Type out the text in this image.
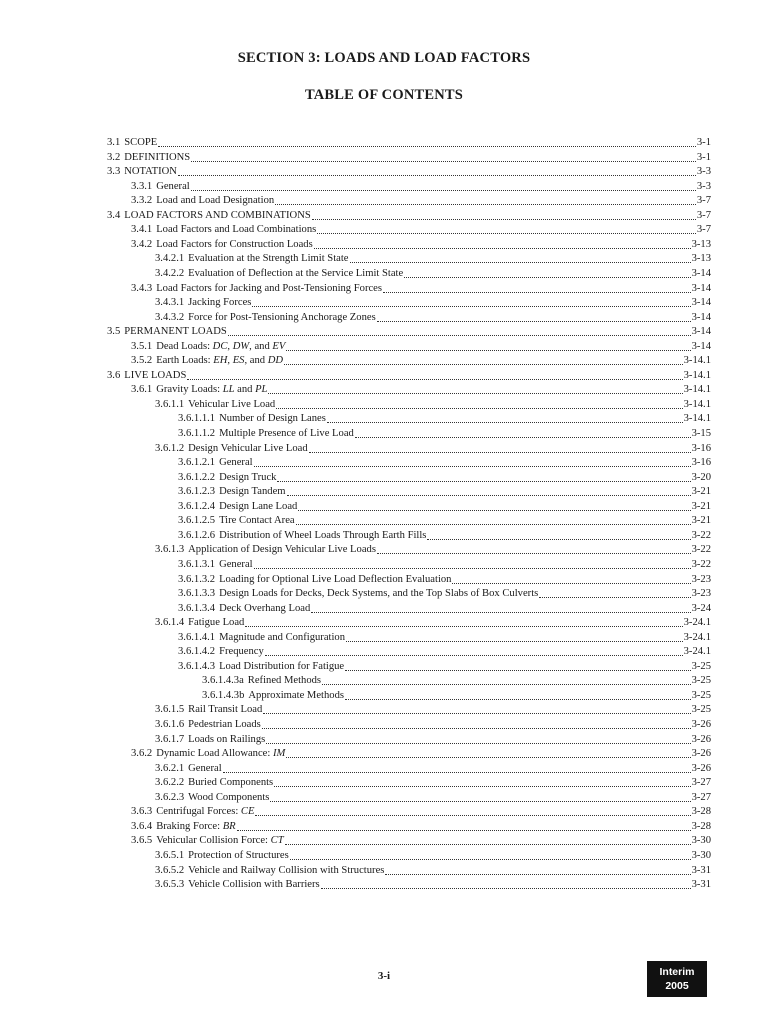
SECTION 3: LOADS AND LOAD FACTORS
TABLE OF CONTENTS
3.1 SCOPE	3-1
3.2 DEFINITIONS	3-1
3.3 NOTATION	3-3
3.3.1 General	3-3
3.3.2 Load and Load Designation	3-7
3.4 LOAD FACTORS AND COMBINATIONS	3-7
3.4.1 Load Factors and Load Combinations	3-7
3.4.2 Load Factors for Construction Loads	3-13
3.4.2.1 Evaluation at the Strength Limit State	3-13
3.4.2.2 Evaluation of Deflection at the Service Limit State	3-14
3.4.3 Load Factors for Jacking and Post-Tensioning Forces	3-14
3.4.3.1 Jacking Forces	3-14
3.4.3.2 Force for Post-Tensioning Anchorage Zones	3-14
3.5 PERMANENT LOADS	3-14
3.5.1 Dead Loads: DC, DW, and EV	3-14
3.5.2 Earth Loads: EH, ES, and DD	3-14.1
3.6 LIVE LOADS	3-14.1
3.6.1 Gravity Loads: LL and PL	3-14.1
3.6.1.1 Vehicular Live Load	3-14.1
3.6.1.1.1 Number of Design Lanes	3-14.1
3.6.1.1.2 Multiple Presence of Live Load	3-15
3.6.1.2 Design Vehicular Live Load	3-16
3.6.1.2.1 General	3-16
3.6.1.2.2 Design Truck	3-20
3.6.1.2.3 Design Tandem	3-21
3.6.1.2.4 Design Lane Load	3-21
3.6.1.2.5 Tire Contact Area	3-21
3.6.1.2.6 Distribution of Wheel Loads Through Earth Fills	3-22
3.6.1.3 Application of Design Vehicular Live Loads	3-22
3.6.1.3.1 General	3-22
3.6.1.3.2 Loading for Optional Live Load Deflection Evaluation	3-23
3.6.1.3.3 Design Loads for Decks, Deck Systems, and the Top Slabs of Box Culverts	3-23
3.6.1.3.4 Deck Overhang Load	3-24
3.6.1.4 Fatigue Load	3-24.1
3.6.1.4.1 Magnitude and Configuration	3-24.1
3.6.1.4.2 Frequency	3-24.1
3.6.1.4.3 Load Distribution for Fatigue	3-25
3.6.1.4.3a Refined Methods	3-25
3.6.1.4.3b Approximate Methods	3-25
3.6.1.5 Rail Transit Load	3-25
3.6.1.6 Pedestrian Loads	3-26
3.6.1.7 Loads on Railings	3-26
3.6.2 Dynamic Load Allowance: IM	3-26
3.6.2.1 General	3-26
3.6.2.2 Buried Components	3-27
3.6.2.3 Wood Components	3-27
3.6.3 Centrifugal Forces: CE	3-28
3.6.4 Braking Force: BR	3-28
3.6.5 Vehicular Collision Force: CT	3-30
3.6.5.1 Protection of Structures	3-30
3.6.5.2 Vehicle and Railway Collision with Structures	3-31
3.6.5.3 Vehicle Collision with Barriers	3-31
3-i	Interim
2005
